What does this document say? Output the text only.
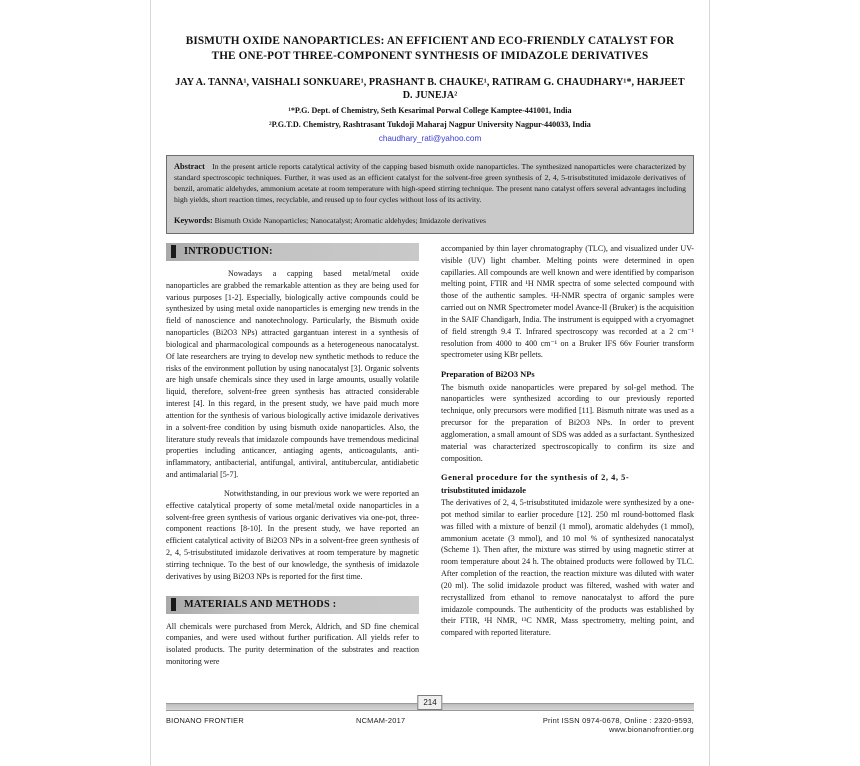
BISMUTH OXIDE NANOPARTICLES: AN EFFICIENT AND ECO-FRIENDLY CATALYST FOR THE ONE-POT THREE-COMPONENT SYNTHESIS OF IMIDAZOLE DERIVATIVES
JAY A. TANNA¹, VAISHALI SONKUARE¹, PRASHANT B. CHAUKE¹, RATIRAM G. CHAUDHARY¹*, HARJEET D. JUNEJA²
¹*P.G. Dept. of Chemistry, Seth Kesarimal Porwal College Kamptee-441001, India
²P.G.T.D. Chemistry, Rashtrasant Tukdoji Maharaj Nagpur University Nagpur-440033, India
chaudhary_rati@yahoo.com

Abstract In the present article reports catalytical activity of the capping based bismuth oxide nanoparticles. The synthesized nanoparticles were characterized by standard spectroscopic techniques. Further, it was used as an efficient catalyst for the solvent-free green synthesis of 2, 4, 5-trisubstituted imidazole derivatives of benzil, aromatic aldehydes, ammonium acetate at room temperature with high-speed stirring technique. The present nano catalyst offers several advantages including high yields, short reaction times, recyclable, and reused up to four cycles without loss of its activity.

Keywords: Bismuth Oxide Nanoparticles; Nanocatalyst; Aromatic aldehydes; Imidazole derivatives

INTRODUCTION:

Nowadays a capping based metal/metal oxide nanoparticles are grabbed the remarkable attention as they are being used for various purposes [1-2]. Especially, biologically active compounds could be synthesized by using metal oxide nanoparticles is emerging new trends in the field of nanoscience and nanotechnology. Particularly, the Bismuth oxide nanoparticles (Bi2O3 NPs) attracted gargantuan interest in a synthesis of biological and pharmacological compounds as a heterogeneous nanocatalyst. Of late researchers are trying to develop new synthetic methods to reduce the risks of the environment pollution by using nanocatalyst [3]. Organic solvents are high unsafe chemicals since they used in large amounts, usually volatile liquid, therefore, solvent-free green synthesis has attracted considerable interest [4]. In this regard, in the present study, we have paid much more attention for the synthesis of various biologically active imidazole derivatives in a solvent-free condition by using bismuth oxide nanoparticles. Also, the literature study reveals that imidazole compounds have tremendous medicinal properties including anticancer, antiaging agents, anticoagulants, anti-inflammatory, antibacterial, antifungal, antiviral, antitubercular, antidiabetic and antimalarial [5-7].

Notwithstanding, in our previous work we were reported an effective catalytical property of some metal/metal oxide nanoparticles in a solvent-free green synthesis of various organic derivatives via one-pot, three-component reactions [8-10]. In the present study, we have reported an efficient catalytical activity of Bi2O3 NPs in a solvent-free green synthesis of 2, 4, 5-trisubstituted imidazole derivatives at room temperature by magnetic stirring technique. To the best of our knowledge, the synthesis of imidazole derivatives by using Bi2O3 NPs is reported for the first time.

MATERIALS AND METHODS :

All chemicals were purchased from Merck, Aldrich, and SD fine chemical companies, and were used without further purification. All yields refer to isolated products. The purity determination of the substrates and reaction monitoring were

accompanied by thin layer chromatography (TLC), and visualized under UV-visible (UV) light chamber. Melting points were determined in open capillaries. All compounds are well known and were identified by comparison melting point, FTIR and ¹H NMR spectra of some selected compound with those of the authentic samples. ¹H-NMR spectra of organic samples were carried out on NMR Spectrometer model Avance-II (Bruker) is the acquisition in the SAIF Chandigarh, India. The instrument is equipped with a cryomagnet of field strength 9.4 T. Infrared spectroscopy was recorded at a 2 cm⁻¹ resolution from 4000 to 400 cm⁻¹ on a Bruker IFS 66v Fourier transform spectrometer using KBr pellets.

Preparation of Bi2O3 NPs

The bismuth oxide nanoparticles were prepared by sol-gel method. The nanoparticles were synthesized according to our previously reported technique, only precursors were modified [11]. Bismuth nitrate was used as a precursor for the preparation of Bi2O3 NPs. In order to prevent agglomeration, a small amount of SDS was added as a surfactant. Synthesized material was characterized spectroscopically to confirm its size and composition.

General procedure for the synthesis of 2, 4, 5-
trisubstituted imidazole

The derivatives of 2, 4, 5-trisubstituted imidazole were synthesized by a one-pot method similar to earlier procedure [12]. 250 ml round-bottomed flask was filled with a mixture of benzil (1 mmol), aromatic aldehydes (1 mmol), ammonium acetate (3 mmol), and 10 mol % of synthesized nanocatalyst (Scheme 1). Then after, the mixture was stirred by using magnetic stirrer at room temperature about 24 h. The obtained products were followed by TLC. After completion of the reaction, the reaction mixture was diluted with water (20 ml). The solid imidazole product was filtered, washed with water and recrystallized from ethanol to remove nanocatalyst to afford the pure imidazole compounds. The authenticity of the products was established by their FTIR, ¹H NMR, ¹³C NMR, Mass spectrometry, melting point, and compared with reported literature.

214
BIONANO FRONTIER	NCMAM-2017	Print ISSN 0974-0678, Online : 2320-9593, www.bionanofrontier.org
